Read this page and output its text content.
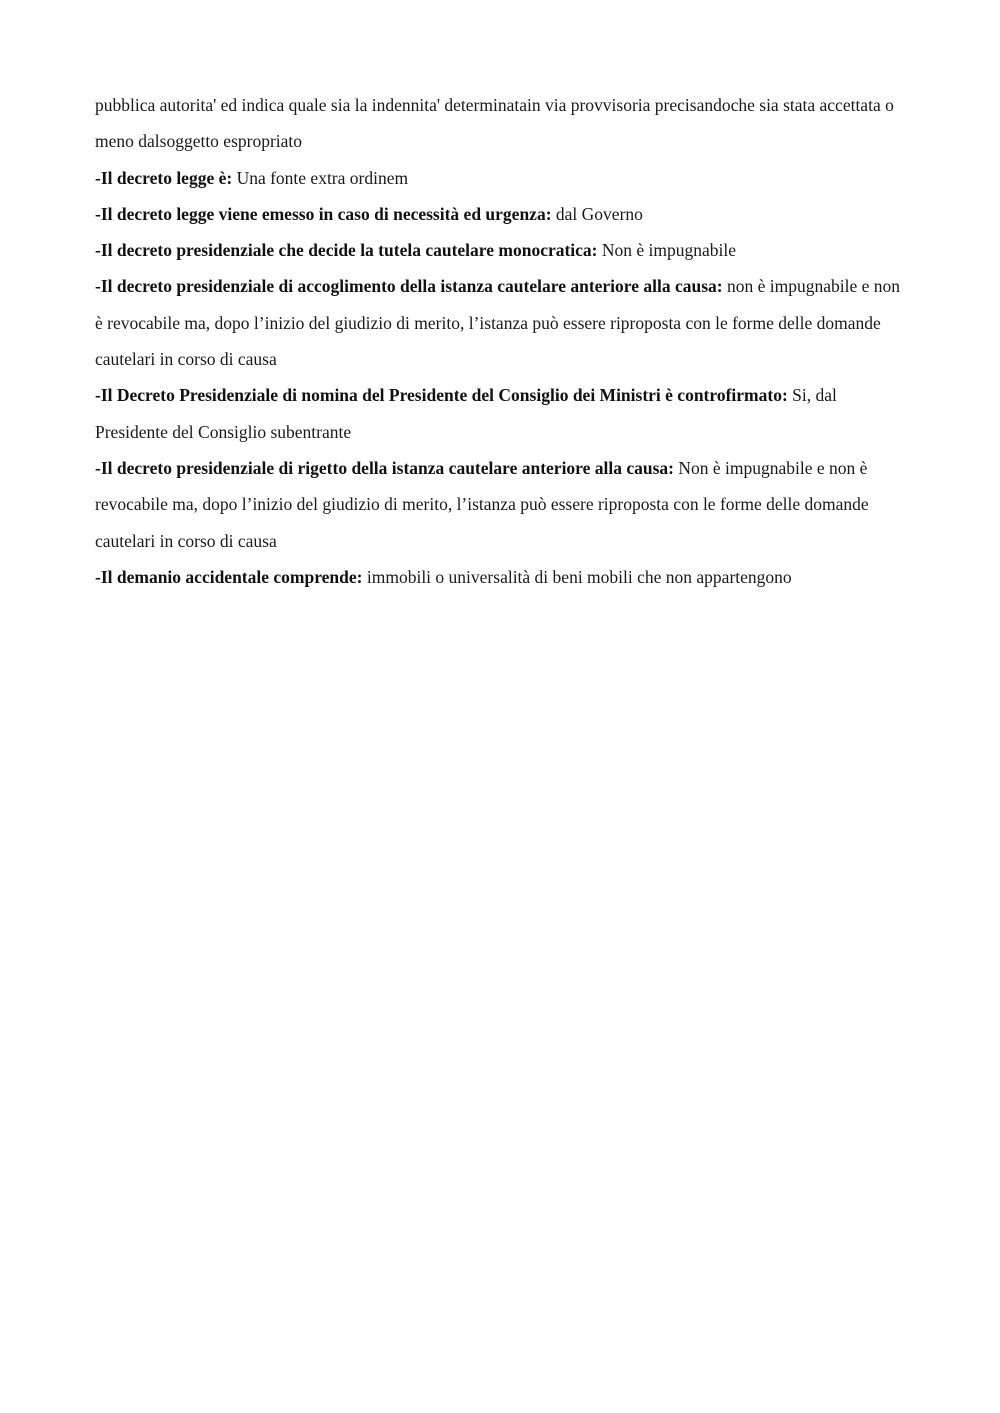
pubblica autorita' ed indica quale sia la indennita' determinatain via provvisoria precisandoche sia stata accettata o meno dalsoggetto espropriato

-Il decreto legge è: Una fonte extra ordinem

-Il decreto legge viene emesso in caso di necessità ed urgenza: dal Governo

-Il decreto presidenziale che decide la tutela cautelare monocratica: Non è impugnabile

-Il decreto presidenziale di accoglimento della istanza cautelare anteriore alla causa: non è impugnabile e non è revocabile ma, dopo l’inizio del giudizio di merito, l’istanza può essere riproposta con le forme delle domande cautelari in corso di causa

-Il Decreto Presidenziale di nomina del Presidente del Consiglio dei Ministri è controfirmato: Si, dal Presidente del Consiglio subentrante

-Il decreto presidenziale di rigetto della istanza cautelare anteriore alla causa: Non è impugnabile e non è revocabile ma, dopo l’inizio del giudizio di merito, l’istanza può essere riproposta con le forme delle domande cautelari in corso di causa

-Il demanio accidentale comprende: immobili o universalità di beni mobili che non appartengono
